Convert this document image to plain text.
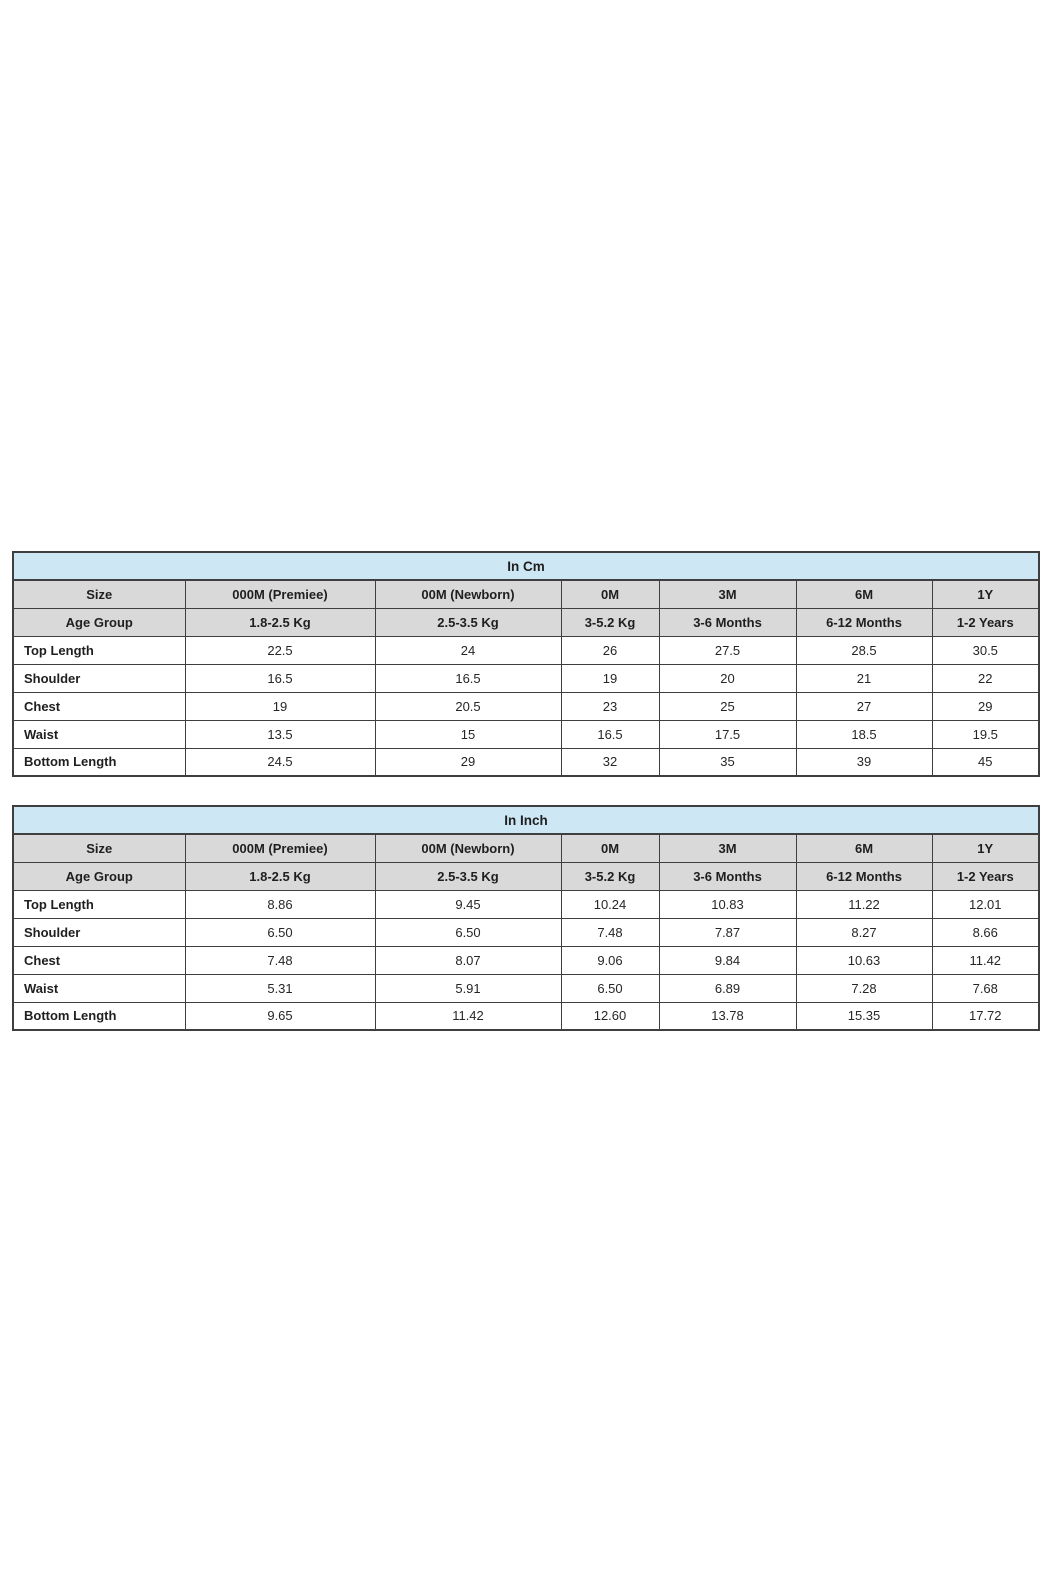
In Cm						
Size	000M (Premiee)	00M (Newborn)	0M	3M	6M	1Y
Age Group	1.8-2.5 Kg	2.5-3.5 Kg	3-5.2 Kg	3-6 Months	6-12 Months	1-2 Years
Top Length	22.5	24	26	27.5	28.5	30.5
Shoulder	16.5	16.5	19	20	21	22
Chest	19	20.5	23	25	27	29
Waist	13.5	15	16.5	17.5	18.5	19.5
Bottom Length	24.5	29	32	35	39	45
In Inch						
Size	000M (Premiee)	00M (Newborn)	0M	3M	6M	1Y
Age Group	1.8-2.5 Kg	2.5-3.5 Kg	3-5.2 Kg	3-6 Months	6-12 Months	1-2 Years
Top Length	8.86	9.45	10.24	10.83	11.22	12.01
Shoulder	6.50	6.50	7.48	7.87	8.27	8.66
Chest	7.48	8.07	9.06	9.84	10.63	11.42
Waist	5.31	5.91	6.50	6.89	7.28	7.68
Bottom Length	9.65	11.42	12.60	13.78	15.35	17.72
